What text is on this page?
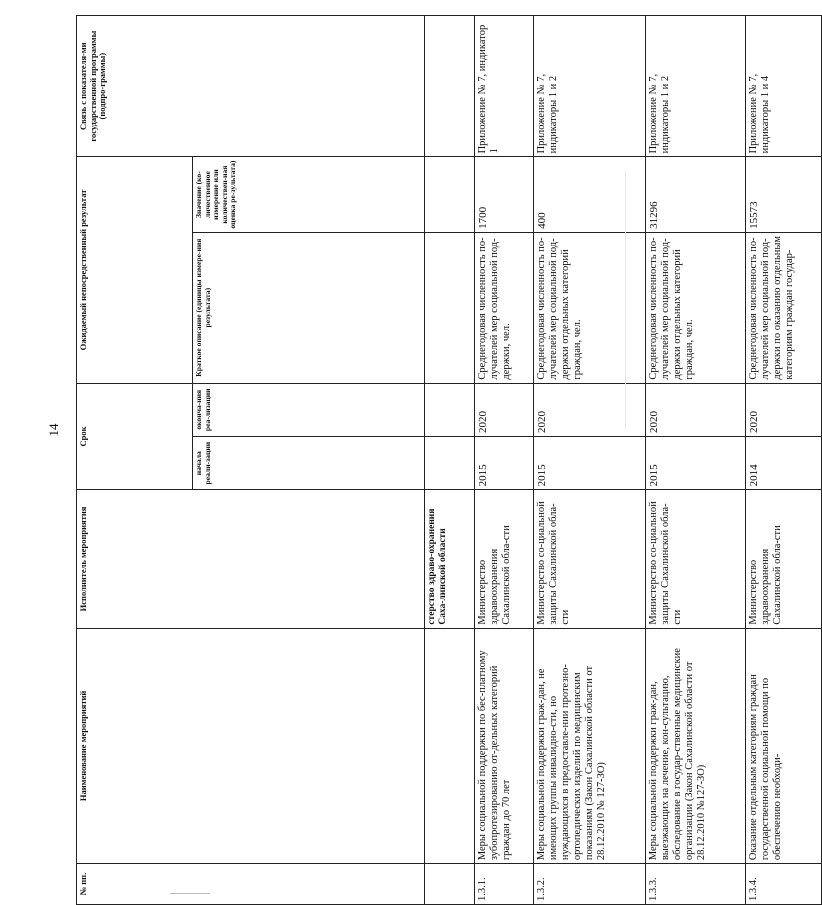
14
№ пп.	Наименование мероприятий	Исполнитель мероприятия	Срок		Ожидаемый непосредственный результат		Связь с показателя-ми государственной программы (подпро-граммы)
			начала реали-зации	оконча-ния реа-лизации	Краткое описание (единицы измере-ния результата)	Значение (ко-личественное измерение или количествен-ная оценка ре-зультата)	
		стерство здраво-охранения Саха-линской области					
1.3.1.	Меры социальной поддержки по бес-платному зубопротезированию от-дельных категорий граждан до 70 лет	Министерство здравоохранения Сахалинской обла-сти	2015	2020	Среднегодовая численность по-лучателей мер социальной под-держки, чел.	1700	Приложение № 7, индикатор 1
1.3.2.	Меры социальной поддержки граж-дан, не имеющих группы инвалидно-сти, но нуждающихся в предоставле-нии протезно-ортопедических изделий по медицинским показаниям (Закон Сахалинской области от 28.12.2010 № 127-ЗО)	Министерство со-циальной защиты Сахалинской обла-сти	2015	2020	Среднегодовая численность по-лучателей мер социальной под-держки отдельных категорий граждан, чел.	400	Приложение № 7, индикаторы 1 и 2
1.3.3.	Меры социальной поддержки граж-дан, выезжающих на лечение, кон-сультацию, обследование в государ-ственные медицинские организации (Закон Сахалинской области от 28.12.2010 №127-ЗО)	Министерство со-циальной защиты Сахалинской обла-сти	2015	2020	Среднегодовая численность по-лучателей мер социальной под-держки отдельных категорий граждан, чел.	31296	Приложение № 7, индикаторы 1 и 2
1.3.4.	Оказание отдельным категориям граждан государственной социальной помощи по обеспечению необходи-	Министерство здравоохранения Сахалинской обла-сти	2014	2020	Среднегодовая численность по-лучателей мер социальной под-держки по оказанию отдельным категориям граждан государ-	15573	Приложение № 7, индикаторы 1 и 4
